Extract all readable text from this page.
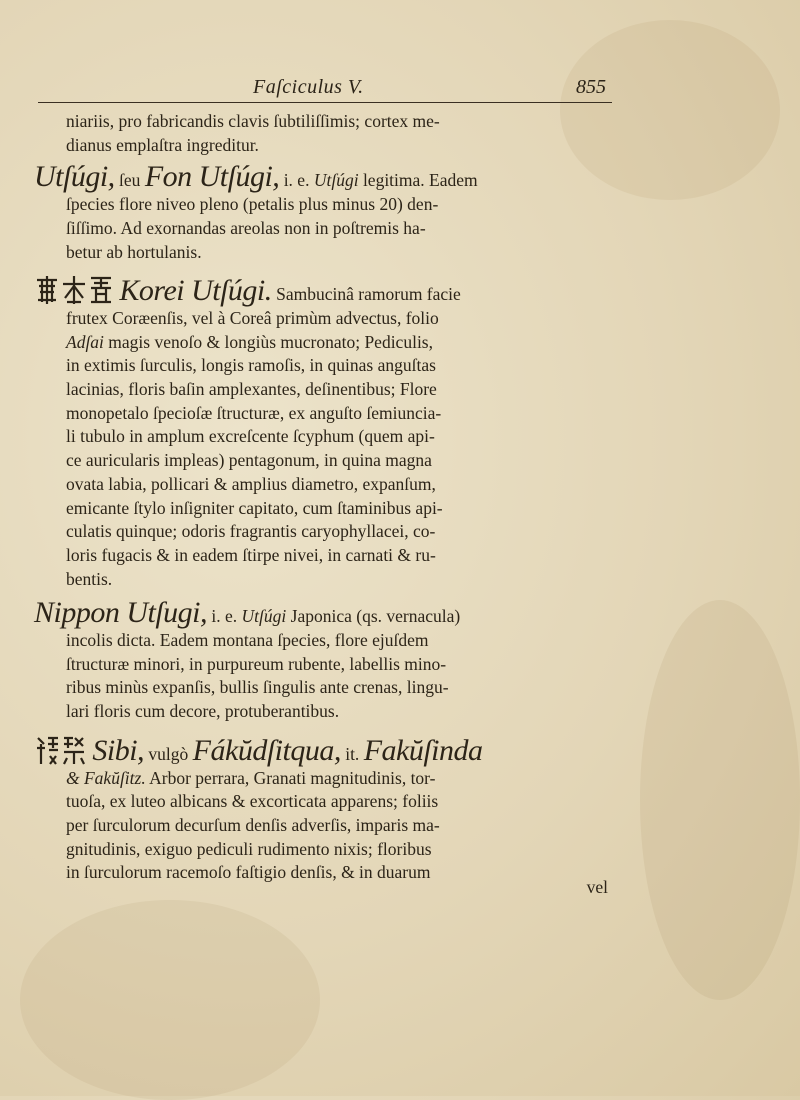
Faſciculus V.	855
niariis, pro fabricandis clavis ſubtiliſſimis; cortex me-
dianus emplaſtra ingreditur.
Utſúgi, ſeu Fon Utſúgi, i. e. Utſúgi legitima. Eadem
ſpecies flore niveo pleno (petalis plus minus 20) den-
ſiſſimo. Ad exornandas areolas non in poſtremis ha-
betur ab hortulanis.
Korei Utſúgi. Sambucinâ ramorum facie
frutex Coræenſis, vel à Coreâ primùm advectus, folio
Adſai magis venoſo & longiùs mucronato; Pediculis,
in extimis ſurculis, longis ramoſis, in quinas anguſtas
lacinias, floris baſin amplexantes, deſinentibus; Flore
monopetalo ſpecioſæ ſtructuræ, ex anguſto ſemiuncia-
li tubulo in amplum excreſcente ſcyphum (quem api-
ce auricularis impleas) pentagonum, in quina magna
ovata labia, pollicari & amplius diametro, expanſum,
emicante ſtylo inſigniter capitato, cum ſtaminibus api-
culatis quinque; odoris fragrantis caryophyllacei, co-
loris fugacis & in eadem ſtirpe nivei, in carnati & ru-
bentis.
Nippon Utſugi, i. e. Utſúgi Japonica (qs. vernacula)
incolis dicta. Eadem montana ſpecies, flore ejuſdem
ſtructuræ minori, in purpureum rubente, labellis mino-
ribus minùs expanſis, bullis ſingulis ante crenas, lingu-
lari floris cum decore, protuberantibus.
Sibi, vulgò Fákŭdſitqua, it. Fakŭſinda
& Fakŭſitz. Arbor perrara, Granati magnitudinis, tor-
tuoſa, ex luteo albicans & excorticata apparens; foliis
per ſurculorum decurſum denſis adverſis, imparis ma-
gnitudinis, exiguo pediculi rudimento nixis; floribus
in ſurculorum racemoſo faſtigio denſis, & in duarum
vel
